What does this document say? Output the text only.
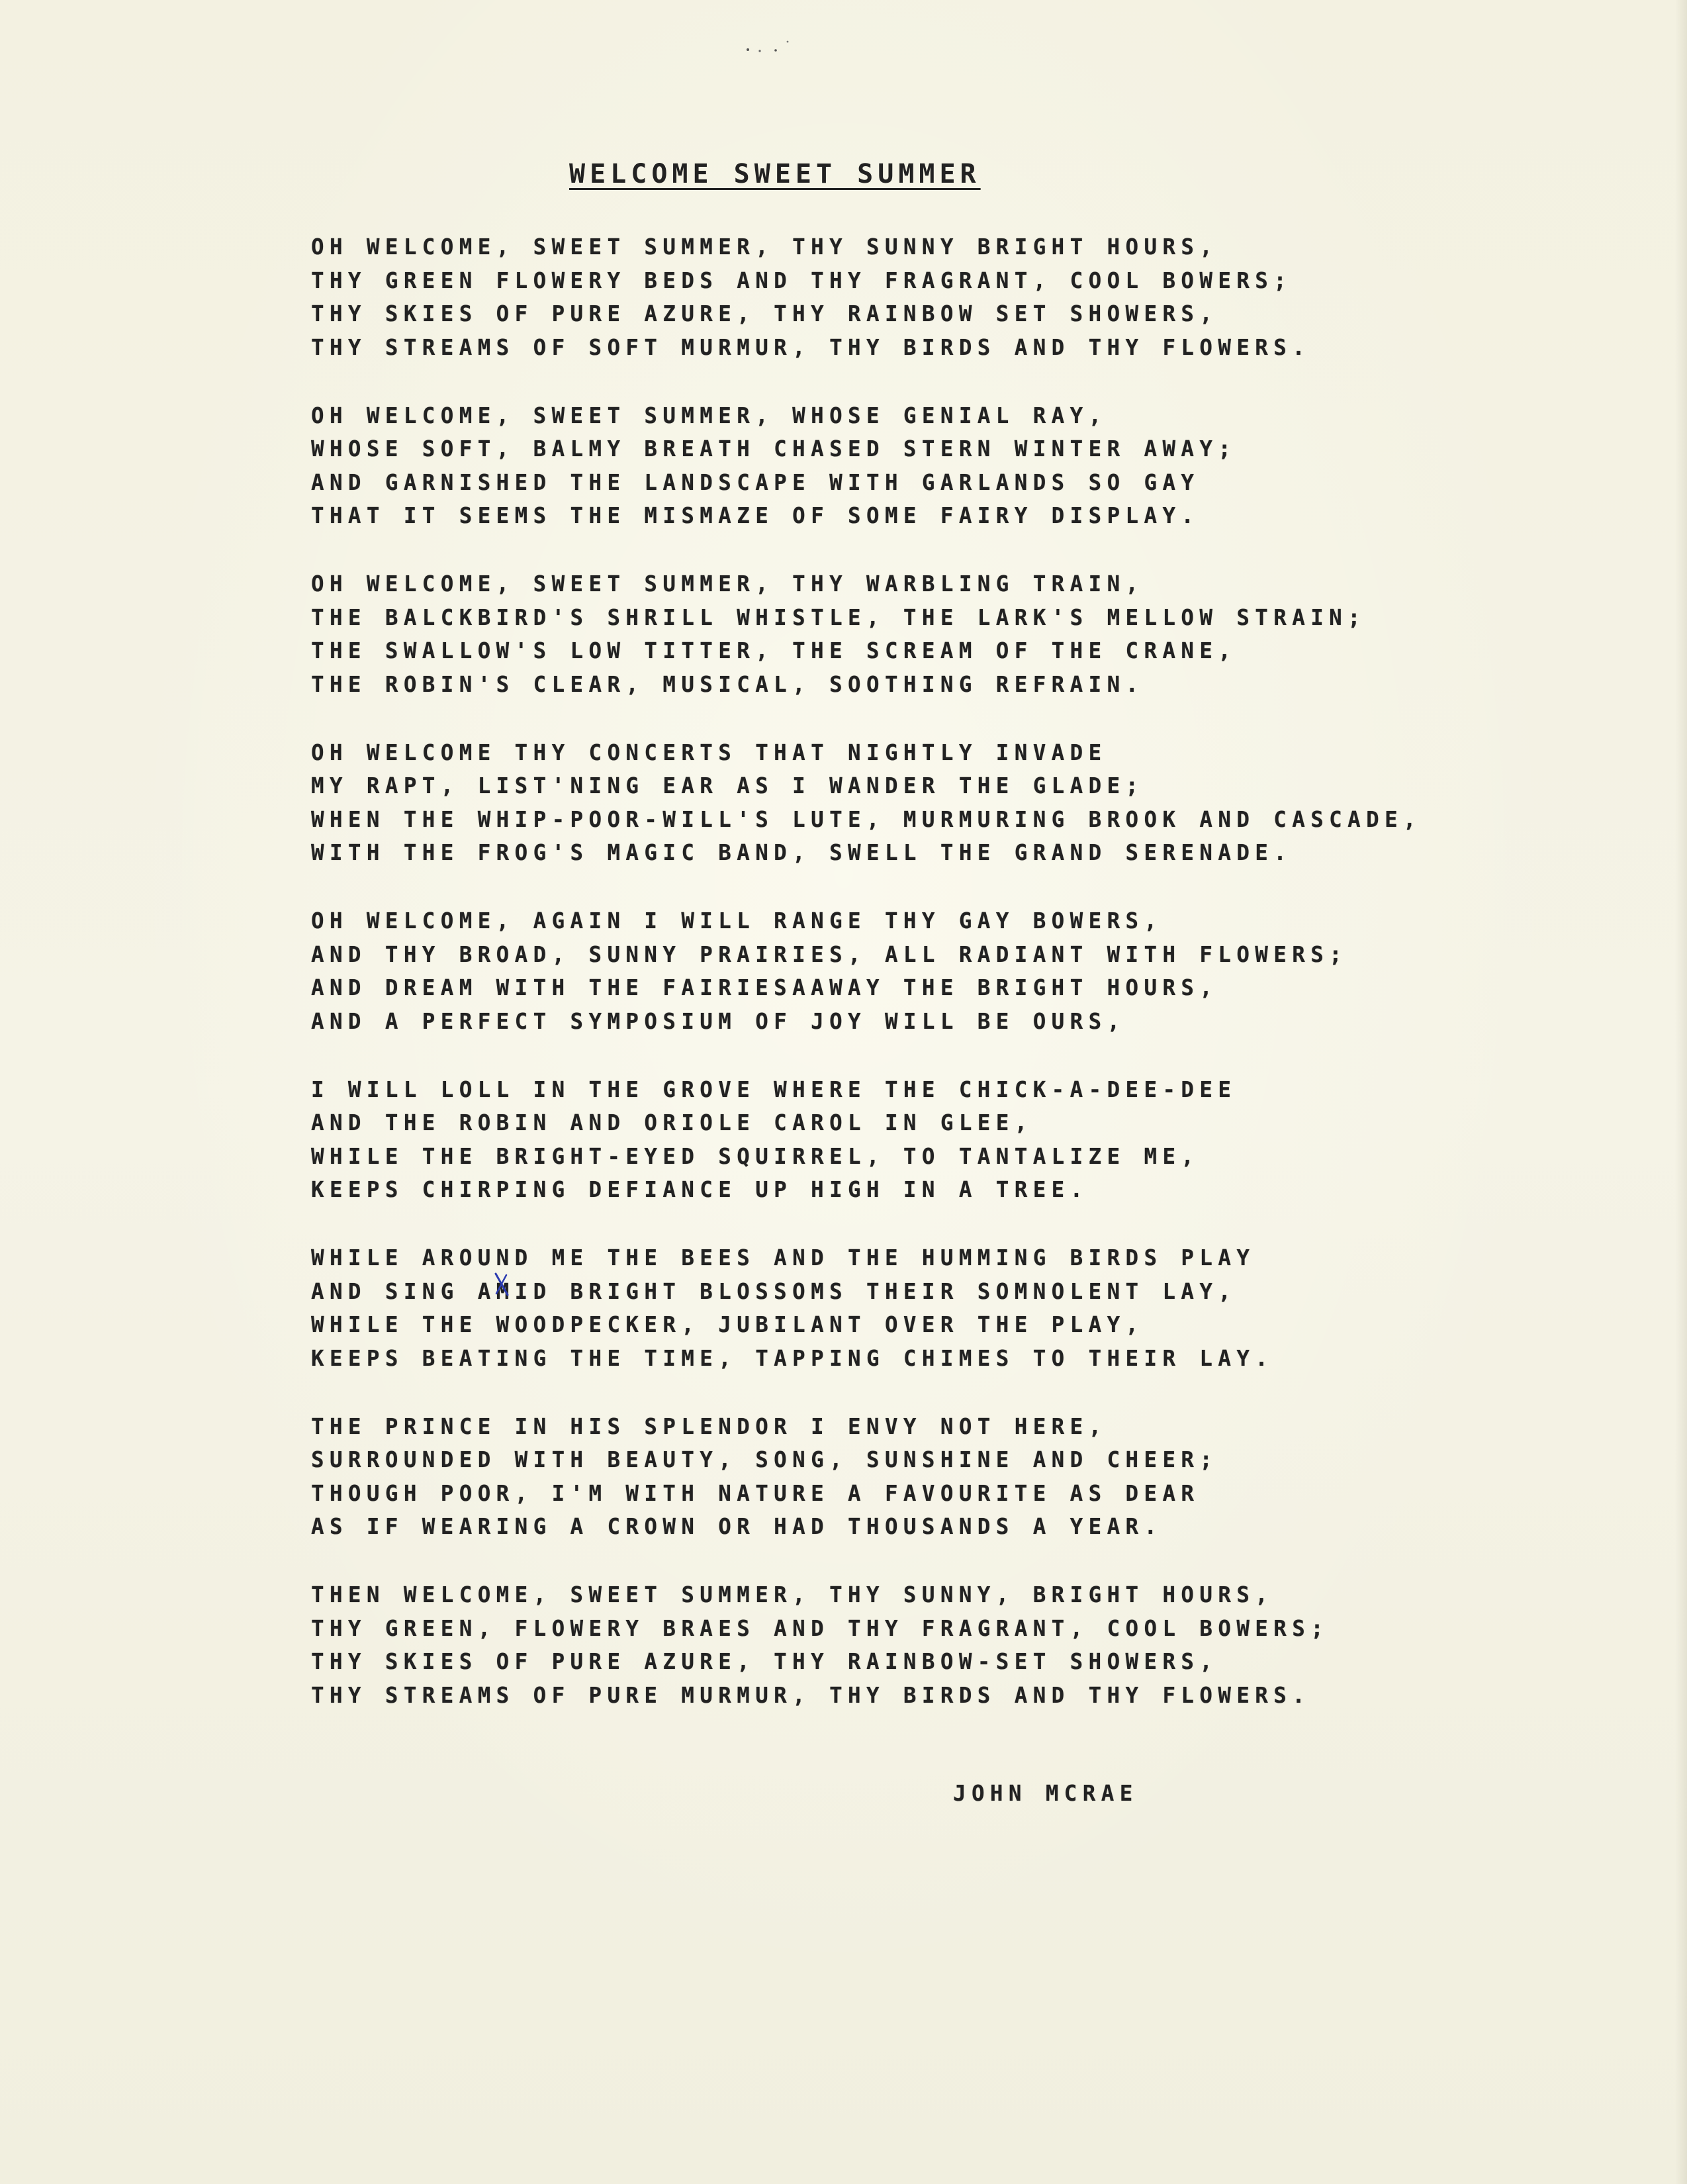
WELCOME SWEET SUMMER
OH WELCOME, SWEET SUMMER, THY SUNNY BRIGHT HOURS,
THY GREEN FLOWERY BEDS AND THY FRAGRANT, COOL BOWERS;
THY SKIES OF PURE AZURE, THY RAINBOW SET SHOWERS,
THY STREAMS OF SOFT MURMUR, THY BIRDS AND THY FLOWERS.
OH WELCOME, SWEET SUMMER, WHOSE GENIAL RAY,
WHOSE SOFT, BALMY BREATH CHASED STERN WINTER AWAY;
AND GARNISHED THE LANDSCAPE WITH GARLANDS SO GAY
THAT IT SEEMS THE MISMAZE OF SOME FAIRY DISPLAY.
OH WELCOME, SWEET SUMMER, THY WARBLING TRAIN,
THE BALCKBIRD'S SHRILL WHISTLE, THE LARK'S MELLOW STRAIN;
THE SWALLOW'S LOW TITTER, THE SCREAM OF THE CRANE,
THE ROBIN'S CLEAR, MUSICAL, SOOTHING REFRAIN.
OH WELCOME THY CONCERTS THAT NIGHTLY INVADE
MY RAPT, LIST'NING EAR AS I WANDER THE GLADE;
WHEN THE WHIP-POOR-WILL'S LUTE, MURMURING BROOK AND CASCADE,
WITH THE FROG'S MAGIC BAND, SWELL THE GRAND SERENADE.
OH WELCOME, AGAIN I WILL RANGE THY GAY BOWERS,
AND THY BROAD, SUNNY PRAIRIES, ALL RADIANT WITH FLOWERS;
AND DREAM WITH THE FAIRIESAAWAY THE BRIGHT HOURS,
AND A PERFECT SYMPOSIUM OF JOY WILL BE OURS,
I WILL LOLL IN THE GROVE WHERE THE CHICK-A-DEE-DEE
AND THE ROBIN AND ORIOLE CAROL IN GLEE,
WHILE THE BRIGHT-EYED SQUIRREL, TO TANTALIZE ME,
KEEPS CHIRPING DEFIANCE UP HIGH IN A TREE.
WHILE AROUND ME THE BEES AND THE HUMMING BIRDS PLAY
AND SING AMID BRIGHT BLOSSOMS THEIR SOMNOLENT LAY,
WHILE THE WOODPECKER, JUBILANT OVER THE PLAY,
KEEPS BEATING THE TIME, TAPPING CHIMES TO THEIR LAY.
THE PRINCE IN HIS SPLENDOR I ENVY NOT HERE,
SURROUNDED WITH BEAUTY, SONG, SUNSHINE AND CHEER;
THOUGH POOR, I'M WITH NATURE A FAVOURITE AS DEAR
AS IF WEARING A CROWN OR HAD THOUSANDS A YEAR.
THEN WELCOME, SWEET SUMMER, THY SUNNY, BRIGHT HOURS,
THY GREEN, FLOWERY BRAES AND THY FRAGRANT, COOL BOWERS;
THY SKIES OF PURE AZURE, THY RAINBOW-SET SHOWERS,
THY STREAMS OF PURE MURMUR, THY BIRDS AND THY FLOWERS.
JOHN MCRAE
